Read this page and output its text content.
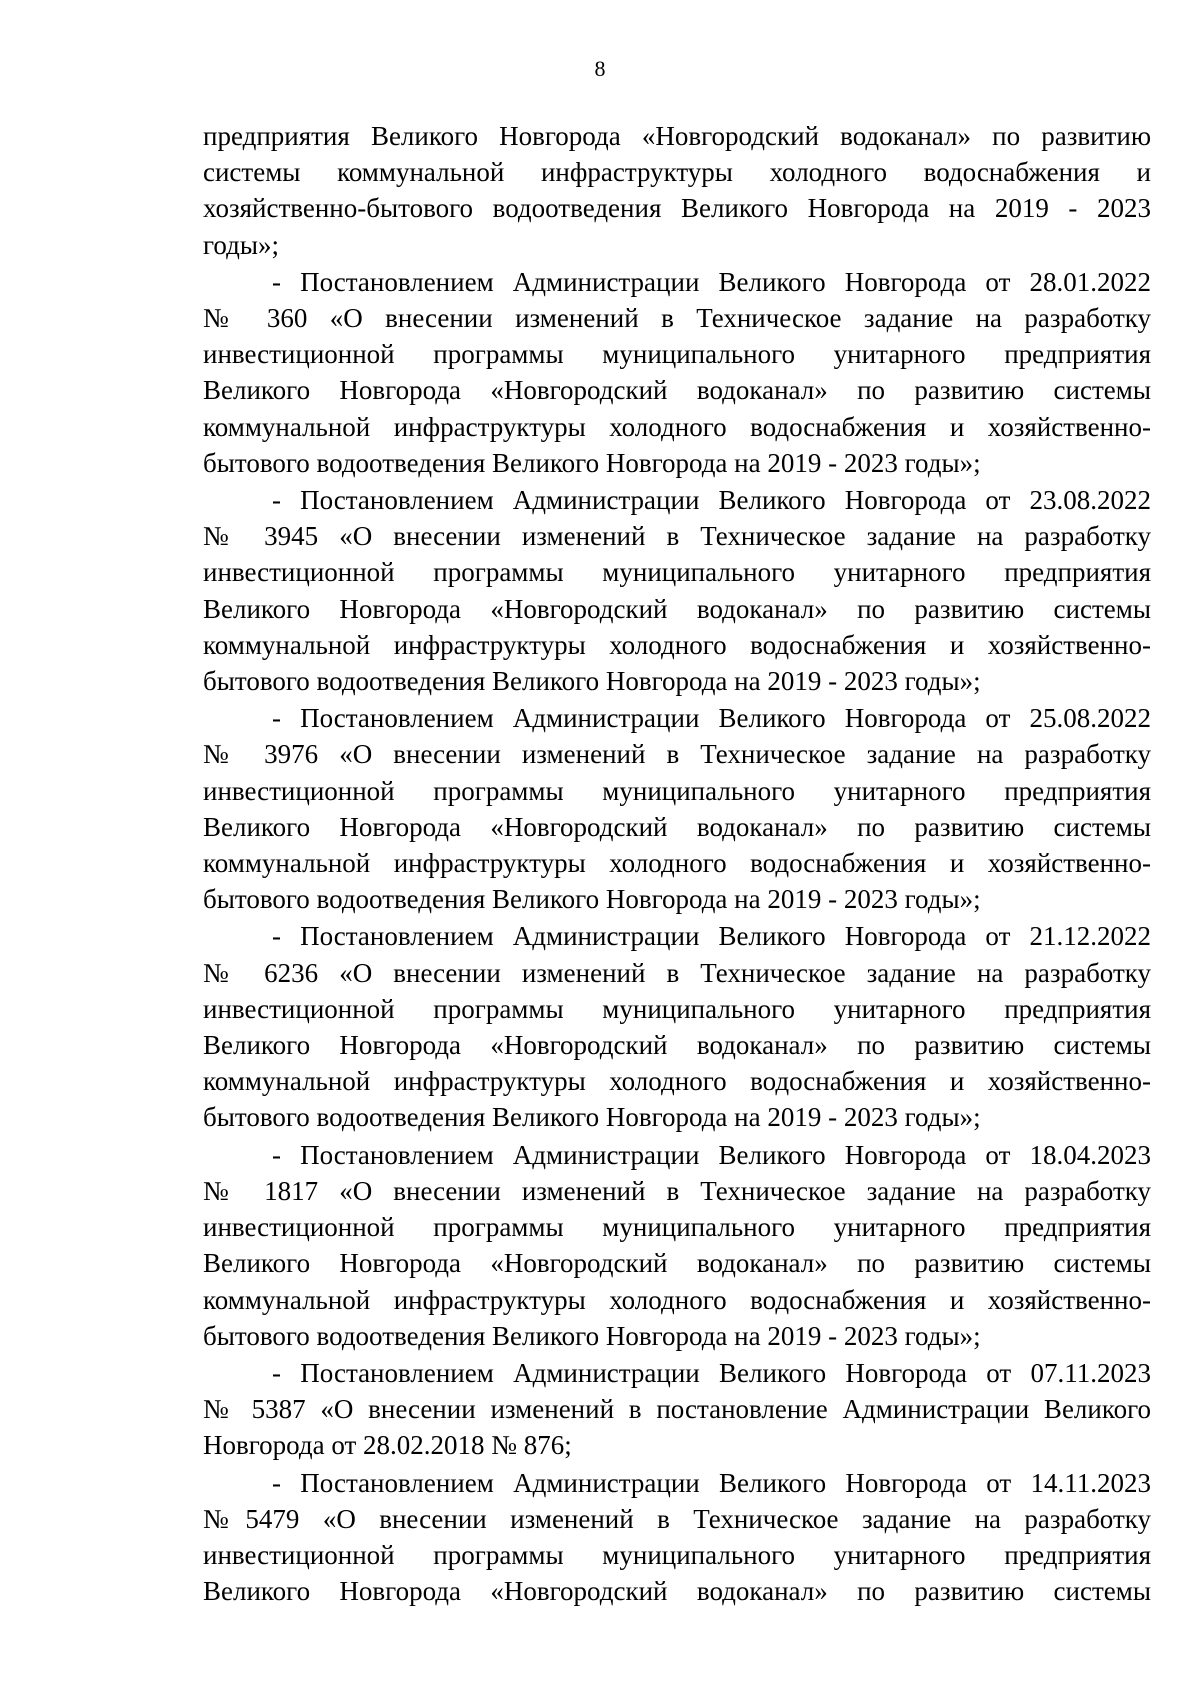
8
предприятия Великого Новгорода «Новгородский водоканал» по развитию
системы коммунальной инфраструктуры холодного водоснабжения и
хозяйственно-бытового водоотведения Великого Новгорода на 2019 - 2023
годы»;
- Постановлением Администрации Великого Новгорода от 28.01.2022
№ 360 «О внесении изменений в Техническое задание на разработку
инвестиционной программы муниципального унитарного предприятия
Великого Новгорода «Новгородский водоканал» по развитию системы
коммунальной инфраструктуры холодного водоснабжения и хозяйственно-
бытового водоотведения Великого Новгорода на 2019 - 2023 годы»;
- Постановлением Администрации Великого Новгорода от 23.08.2022
№ 3945 «О внесении изменений в Техническое задание на разработку
инвестиционной программы муниципального унитарного предприятия
Великого Новгорода «Новгородский водоканал» по развитию системы
коммунальной инфраструктуры холодного водоснабжения и хозяйственно-
бытового водоотведения Великого Новгорода на 2019 - 2023 годы»;
- Постановлением Администрации Великого Новгорода от 25.08.2022
№ 3976 «О внесении изменений в Техническое задание на разработку
инвестиционной программы муниципального унитарного предприятия
Великого Новгорода «Новгородский водоканал» по развитию системы
коммунальной инфраструктуры холодного водоснабжения и хозяйственно-
бытового водоотведения Великого Новгорода на 2019 - 2023 годы»;
- Постановлением Администрации Великого Новгорода от 21.12.2022
№ 6236 «О внесении изменений в Техническое задание на разработку
инвестиционной программы муниципального унитарного предприятия
Великого Новгорода «Новгородский водоканал» по развитию системы
коммунальной инфраструктуры холодного водоснабжения и хозяйственно-
бытового водоотведения Великого Новгорода на 2019 - 2023 годы»;
- Постановлением Администрации Великого Новгорода от 18.04.2023
№ 1817 «О внесении изменений в Техническое задание на разработку
инвестиционной программы муниципального унитарного предприятия
Великого Новгорода «Новгородский водоканал» по развитию системы
коммунальной инфраструктуры холодного водоснабжения и хозяйственно-
бытового водоотведения Великого Новгорода на 2019 - 2023 годы»;
- Постановлением Администрации Великого Новгорода от 07.11.2023
№ 5387 «О внесении изменений в постановление Администрации Великого
Новгорода от 28.02.2018 № 876;
- Постановлением Администрации Великого Новгорода от 14.11.2023
№5479 «О внесении изменений в Техническое задание на разработку
инвестиционной программы муниципального унитарного предприятия
Великого Новгорода «Новгородский водоканал» по развитию системы
